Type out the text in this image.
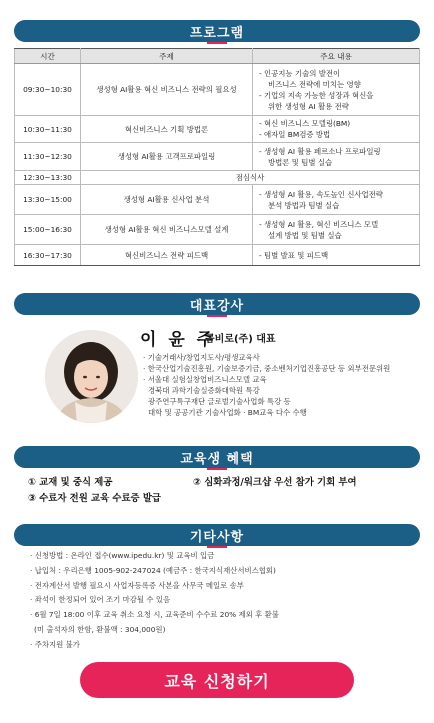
프로그램
시간	주제	주요 내용
09:30~10:30	생성형 AI활용 혁신 비즈니스 전략의 필요성	- 인공지능 기술의 발전이
비즈니스 전략에 미치는 영향
- 기업의 지속 가능한 성장과 혁신을
위한 생성형 AI 활용 전략

10:30~11:30	혁신비즈니스 기획 방법론	- 혁신 비즈니스 모델링(BM)
- 애자일 BM검증 방법

11:30~12:30	생성형 AI활용 고객프로파일링	- 생성형 AI 활용 페르소나 프로파일링
방법론 및 팀별 실습

12:30~13:30	점심식사	
13:30~15:00	생성형 AI활용 신사업 분석	- 생성형 AI 활용, 속도높인 신사업전략
분석 방법과 팀별 실습

15:00~16:30	생성형 AI활용 혁신 비즈니스모델 설계	- 생성형 AI 활용, 혁신 비즈니스 모델
설계 방법 및 팀별 실습

16:30~17:30	혁신비즈니스 전략 피드백	- 팀별 발표 및 피드백
대표강사
이 윤 주
콤비로(주) 대표
· 기술거래사/창업지도사/평생교육사
· 한국산업기술진흥원, 기술보증기금, 중소벤처기업진흥공단 등 외부전문위원
· 서울대 실험실창업비즈니스모델 교육
경북대 과학기술실증화대학원 특강
광주연구특구재단 글로벌기술사업화 특강 등
대학 및 공공기관 기술사업화 · BM교육 다수 수행
교육생 혜택
① 교재 및 중식 제공	② 심화과정/워크샵 우선 참가 기회 부여
③ 수료자 전원 교육 수료증 발급
기타사항
· 신청방법 : 온라인 접수(www.ipedu.kr) 및 교육비 입금
· 납입처 : 우리은행 1005-902-247024 (예금주 : 한국지식재산서비스협회)
· 전자계산서 발행 필요시 사업자등록증 사본을 사무국 메일로 송부
· 좌석이 한정되어 있어 조기 마감될 수 있음
· 6월 7일 18:00 이후 교육 취소 요청 시, 교육준비 수수료 20% 제외 후 환불
(미 출석자의 한함, 환불액 : 304,000원)
· 주차지원 불가
교육 신청하기
